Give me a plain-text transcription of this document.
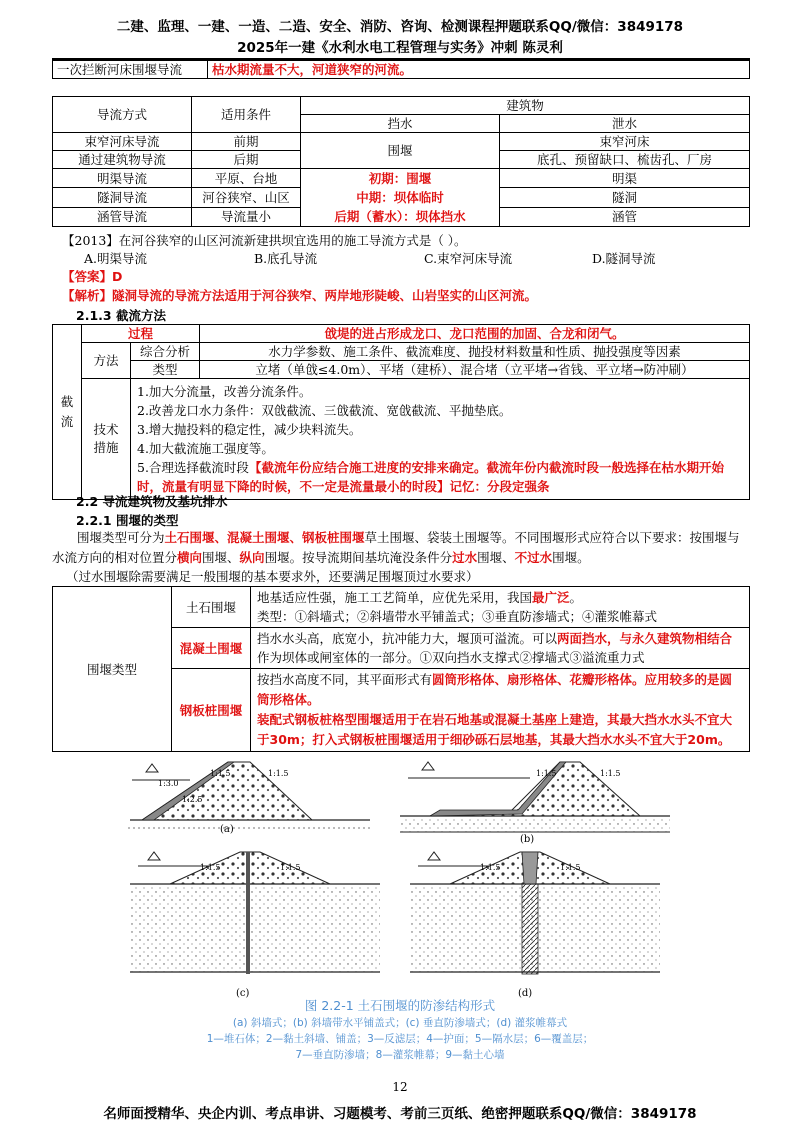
二建、监理、一建、一造、二造、安全、消防、咨询、检测课程押题联系QQ/微信：3849178
2025年一建《水利水电工程管理与实务》冲刺 陈灵利
一次拦断河床围堰导流	枯水期流量不大，河道狭窄的河流。
导流方式	适用条件	建筑物	
		挡水	泄水
束窄河床导流	前期	围堰	束窄河床
通过建筑物导流	后期		底孔、预留缺口、梳齿孔、厂房
明渠导流	平原、台地	初期：围堰
中期：坝体临时
后期（蓄水）：坝体挡水	明渠
隧洞导流	河谷狭窄、山区		隧洞
涵管导流	导流量小		涵管
【2013】在河谷狭窄的山区河流新建拱坝宜选用的施工导流方式是（ ）。
A.明渠导流	B.底孔导流	C.束窄河床导流	D.隧洞导流
【答案】D
【解析】隧洞导流的导流方法适用于河谷狭窄、两岸地形陡峻、山岩坚实的山区河流。
2.1.3 截流方法
截流	过程		戗堤的进占形成龙口、龙口范围的加固、合龙和闭气。
	方法	综合分析	水力学参数、施工条件、截流难度、抛投材料数量和性质、抛投强度等因素
		类型	立堵（单戗≤4.0m）、平堵（建桥）、混合堵（立平堵→省钱、平立堵→防冲刷）
	技术措施	1.加大分流量，改善分流条件。
2.改善龙口水力条件：双戗截流、三戗截流、宽戗截流、平抛垫底。
3.增大抛投料的稳定性，减少块料流失。
4.加大截流施工强度等。
5.合理选择截流时段【截流年份应结合施工进度的安排来确定。截流年份内截流时段一般选择在枯水期开始时，流量有明显下降的时候，不一定是流量最小的时段】记忆：分段定强条	
2.2 导流建筑物及基坑排水
2.2.1 围堰的类型
围堰类型可分为土石围堰、混凝土围堰、钢板桩围堰草土围堰、袋装土围堰等。不同围堰形式应符合以下要求：按围堰与水流方向的相对位置分横向围堰、纵向围堰。按导流期间基坑淹没条件分过水围堰、不过水围堰。
（过水围堰除需要满足一般围堰的基本要求外，还要满足围堰顶过水要求）
围堰类型	土石围堰	地基适应性强，施工工艺简单，应优先采用，我国最广泛。
类型：①斜墙式；②斜墙带水平铺盖式；③垂直防渗墙式；④灌浆帷幕式

	混凝土围堰	挡水水头高，底宽小，抗冲能力大，堰顶可溢流。可以两面挡水，与永久建筑物相结合作为坝体或闸室体的一部分。①双向挡水支撑式②撑墙式③溢流重力式
	钢板桩围堰	按挡水高度不同，其平面形式有圆筒形格体、扇形格体、花瓣形格体。应用较多的是圆筒形格体。
装配式钢板桩格型围堰适用于在岩石地基或混凝土基座上建造，其最大挡水水头不宜大于30m；打入式钢板桩围堰适用于细砂砾石层地基，其最大挡水水头不宜大于20m。
1:3.0
1:2.5
1:1.5	1:1.5
(a)
1:1.5	1:1.5
(b)
1:1.5	1:1.5
(c)
1:1.5	1:1.5
(d)
图 2.2-1 土石围堰的防渗结构形式
(a) 斜墙式；(b) 斜墙带水平铺盖式；(c) 垂直防渗墙式；(d) 灌浆帷幕式
1—堆石体；2—黏土斜墙、铺盖；3—反滤层；4—护面；5—隔水层；6—覆盖层；
7—垂直防渗墙；8—灌浆帷幕；9—黏土心墙
12
名师面授精华、央企内训、考点串讲、习题模考、考前三页纸、绝密押题联系QQ/微信：3849178
